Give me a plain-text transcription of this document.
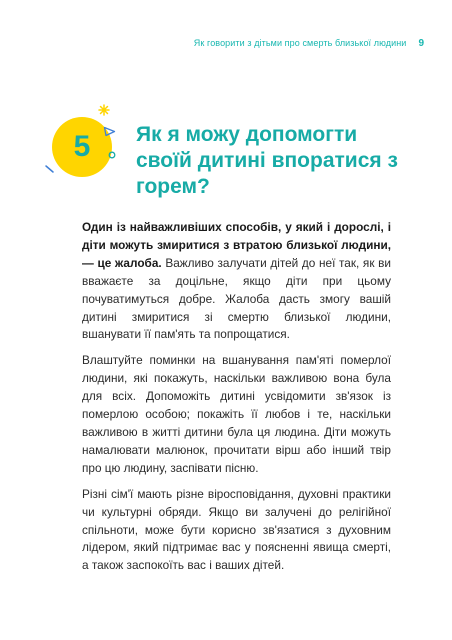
Як говорити з дітьми про смерть близької людини 9
5 Як я можу допомогти своїй дитині впоратися з горем?

Один із найважливіших способів, у який і дорослі, і діти можуть змиритися з втратою близької людини, — це жалоба. Важливо залучати дітей до неї так, як ви вважаєте за доцільне, якщо діти при цьому почуватимуться добре. Жалоба дасть змогу вашій дитині змиритися зі смертю близької людини, вшанувати її пам'ять та попрощатися.

Влаштуйте поминки на вшанування пам'яті померлої людини, які покажуть, наскільки важливою вона була для всіх. Допоможіть дитині усвідомити зв'язок із померлою особою; покажіть її любов і те, наскільки важливою в житті дитини була ця людина. Діти можуть намалювати малюнок, прочитати вірш або інший твір про цю людину, заспівати пісню.

Різні сім'ї мають різне віросповідання, духовні практики чи культурні обряди. Якщо ви залучені до релігійної спільноти, може бути корисно зв'язатися з духовним лідером, який підтримає вас у поясненні явища смерті, а також заспокоїть вас і ваших дітей.
